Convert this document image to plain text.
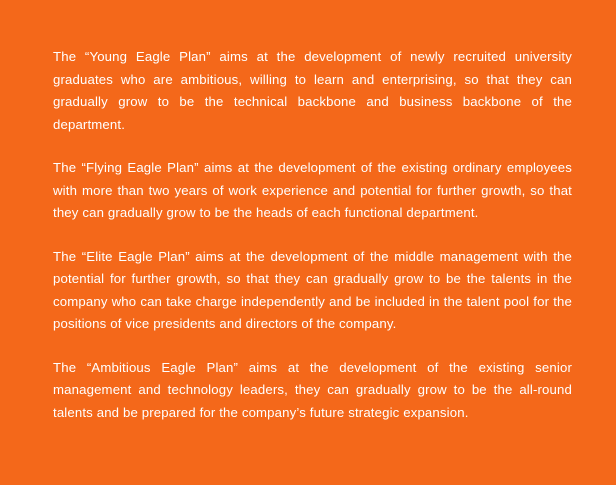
The “Young Eagle Plan” aims at the development of newly recruited university graduates who are ambitious, willing to learn and enterprising, so that they can gradually grow to be the technical backbone and business backbone of the department.

The “Flying Eagle Plan” aims at the development of the existing ordinary employees with more than two years of work experience and potential for further growth, so that they can gradually grow to be the heads of each functional department.

The “Elite Eagle Plan” aims at the development of the middle management with the potential for further growth, so that they can gradually grow to be the talents in the company who can take charge independently and be included in the talent pool for the positions of vice presidents and directors of the company.

The “Ambitious Eagle Plan” aims at the development of the existing senior management and technology leaders, they can gradually grow to be the all-round talents and be prepared for the company’s future strategic expansion.
